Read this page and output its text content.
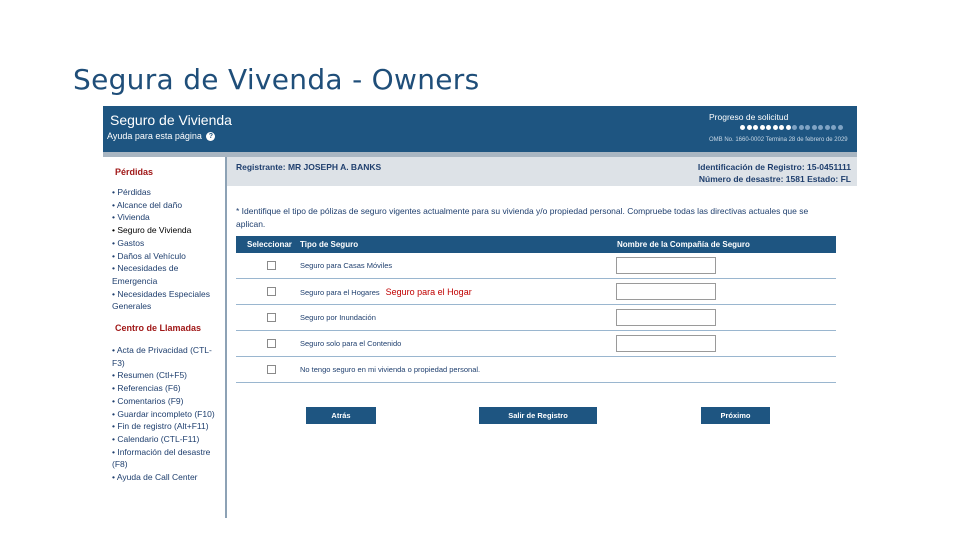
Segura de Vivenda - Owners
Seguro de Vivienda
Ayuda para esta página ?
Progreso de solicitud
OMB No. 1660-0002 Termina 28 de febrero de 2029
Pérdidas
• Pérdidas
• Alcance del daño
• Vivienda
• Seguro de Vivienda
• Gastos
• Daños al Vehículo
• Necesidades de Emergencia
• Necesidades Especiales Generales
Centro de Llamadas
• Acta de Privacidad (CTL-F3)
• Resumen (Ctl+F5)
• Referencias (F6)
• Comentarios (F9)
• Guardar incompleto (F10)
• Fin de registro (Alt+F11)
• Calendario (CTL-F11)
• Información del desastre (F8)
• Ayuda de Call Center
Registrante: MR JOSEPH A. BANKS	Identificación de Registro: 15-0451111
Número de desastre: 1581 Estado: FL
* Identifique el tipo de pólizas de seguro vigentes actualmente para su vivienda y/o propiedad personal. Compruebe todas las directivas actuales que se aplican.
Seleccionar Tipo de Seguro	Nombre de la Compañía de Seguro
Seguro para Casas Móviles
Seguro para el Hogares Seguro para el Hogar
Seguro por Inundación
Seguro solo para el Contenido
No tengo seguro en mi vivienda o propiedad personal.
Atrás	Salir de Registro	Próximo
